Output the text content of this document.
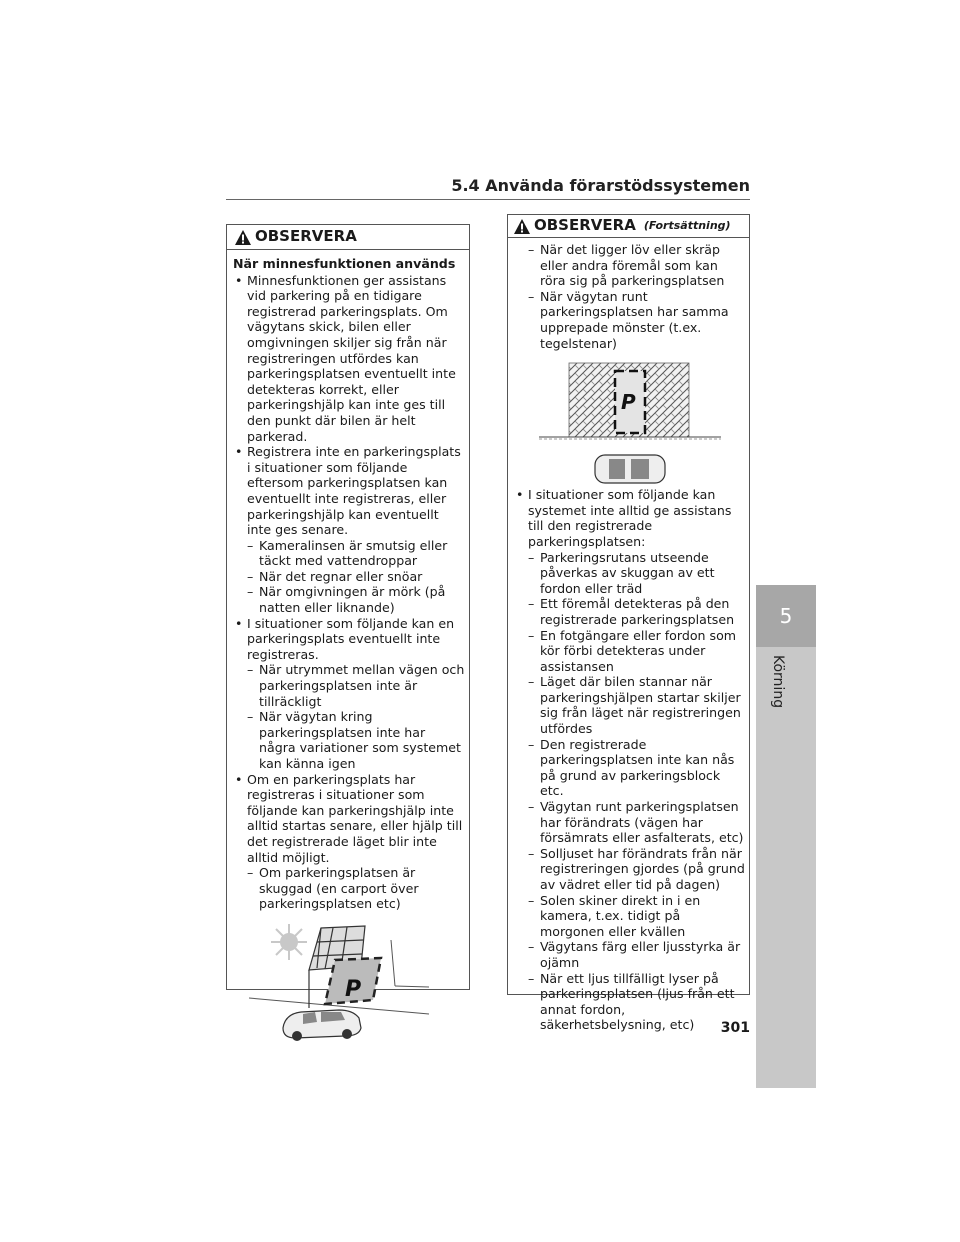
5.4 Använda förarstödssystemen
OBSERVERA
När minnesfunktionen används
• Minnesfunktionen ger assistans vid parkering på en tidigare registrerad parkeringsplats. Om vägytans skick, bilen eller omgivningen skiljer sig från när registreringen utfördes kan parkeringsplatsen eventuellt inte detekteras korrekt, eller parkeringshjälp kan inte ges till den punkt där bilen är helt parkerad.
• Registrera inte en parkeringsplats i situationer som följande eftersom parkeringsplatsen kan eventuellt inte registreras, eller parkeringshjälp kan eventuellt inte ges senare.
– Kameralinsen är smutsig eller täckt med vattendroppar
– När det regnar eller snöar
– När omgivningen är mörk (på natten eller liknande)
• I situationer som följande kan en parkeringsplats eventuellt inte registreras.
– När utrymmet mellan vägen och parkeringsplatsen inte är tillräckligt
– När vägytan kring parkeringsplatsen inte har några variationer som systemet kan känna igen
• Om en parkeringsplats har registreras i situationer som följande kan parkeringshjälp inte alltid startas senare, eller hjälp till det registrerade läget blir inte alltid möjligt.
– Om parkeringsplatsen är skuggad (en carport över parkeringsplatsen etc)
P
OBSERVERA (Fortsättning)
– När det ligger löv eller skräp eller andra föremål som kan röra sig på parkeringsplatsen
– När vägytan runt parkeringsplatsen har samma upprepade mönster (t.ex. tegelstenar)
P
• I situationer som följande kan systemet inte alltid ge assistans till den registrerade parkeringsplatsen:
– Parkeringsrutans utseende påverkas av skuggan av ett fordon eller träd
– Ett föremål detekteras på den registrerade parkeringsplatsen
– En fotgängare eller fordon som kör förbi detekteras under assistansen
– Läget där bilen stannar när parkeringshjälpen startar skiljer sig från läget när registreringen utfördes
– Den registrerade parkeringsplatsen inte kan nås på grund av parkeringsblock etc.
– Vägytan runt parkeringsplatsen har förändrats (vägen har försämrats eller asfalterats, etc)
– Solljuset har förändrats från när registreringen gjordes (på grund av vädret eller tid på dagen)
– Solen skiner direkt in i en kamera, t.ex. tidigt på morgonen eller kvällen
– Vägytans färg eller ljusstyrka är ojämn
– När ett ljus tillfälligt lyser på parkeringsplatsen (ljus från ett annat fordon, säkerhetsbelysning, etc)
5
Körning
301
